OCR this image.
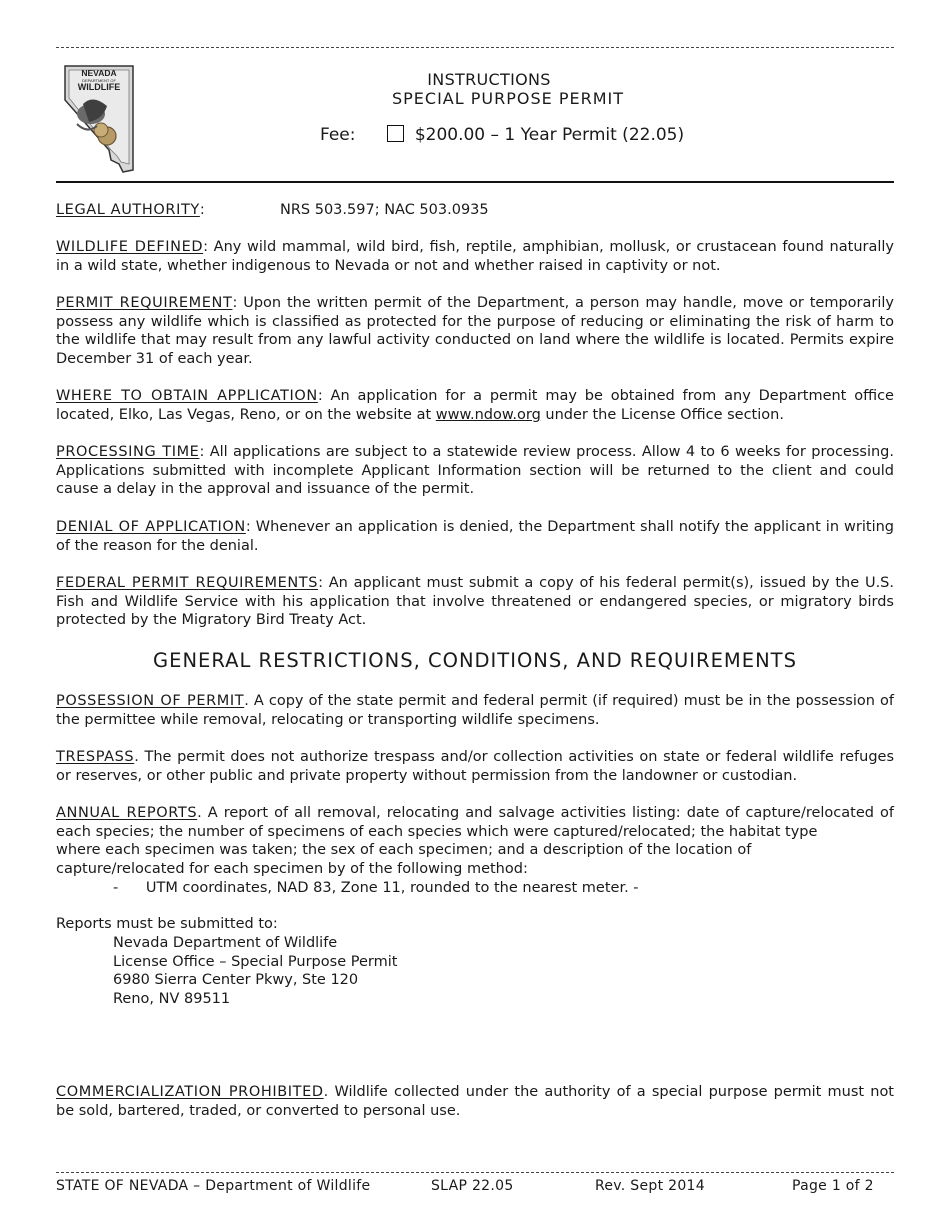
NEVADA
DEPARTMENT OF
WILDLIFE	INSTRUCTIONS
SPECIAL PURPOSE PERMIT
Fee:	$200.00 – 1 Year Permit (22.05)
LEGAL AUTHORITY:	NRS 503.597; NAC 503.0935
WILDLIFE DEFINED: Any wild mammal, wild bird, fish, reptile, amphibian, mollusk, or crustacean found naturally in a wild state, whether indigenous to Nevada or not and whether raised in captivity or not.
PERMIT REQUIREMENT: Upon the written permit of the Department, a person may handle, move or temporarily possess any wildlife which is classified as protected for the purpose of reducing or eliminating the risk of harm to the wildlife that may result from any lawful activity conducted on land where the wildlife is located. Permits expire December 31 of each year.
WHERE TO OBTAIN APPLICATION: An application for a permit may be obtained from any Department office located, Elko, Las Vegas, Reno, or on the website at www.ndow.org under the License Office section.
PROCESSING TIME: All applications are subject to a statewide review process. Allow 4 to 6 weeks for processing. Applications submitted with incomplete Applicant Information section will be returned to the client and could cause a delay in the approval and issuance of the permit.
DENIAL OF APPLICATION: Whenever an application is denied, the Department shall notify the applicant in writing of the reason for the denial.
FEDERAL PERMIT REQUIREMENTS: An applicant must submit a copy of his federal permit(s), issued by the U.S. Fish and Wildlife Service with his application that involve threatened or endangered species, or migratory birds protected by the Migratory Bird Treaty Act.
GENERAL RESTRICTIONS, CONDITIONS, AND REQUIREMENTS
POSSESSION OF PERMIT. A copy of the state permit and federal permit (if required) must be in the possession of the permittee while removal, relocating or transporting wildlife specimens.
TRESPASS. The permit does not authorize trespass and/or collection activities on state or federal wildlife refuges or reserves, or other public and private property without permission from the landowner or custodian.
ANNUAL REPORTS. A report of all removal, relocating and salvage activities listing: date of capture/relocated of each species; the number of specimens of each species which were captured/relocated; the habitat type
where each specimen was taken; the sex of each specimen; and a description of the location of
capture/relocated for each specimen by of the following method:
-      UTM coordinates, NAD 83, Zone 11, rounded to the nearest meter. -
Reports must be submitted to:
Nevada Department of Wildlife
License Office – Special Purpose Permit
6980 Sierra Center Pkwy, Ste 120
Reno, NV 89511
COMMERCIALIZATION PROHIBITED. Wildlife collected under the authority of a special purpose permit must not be sold, bartered, traded, or converted to personal use.
STATE OF NEVADA – Department of Wildlife	SLAP 22.05	Rev. Sept 2014	Page 1 of 2
